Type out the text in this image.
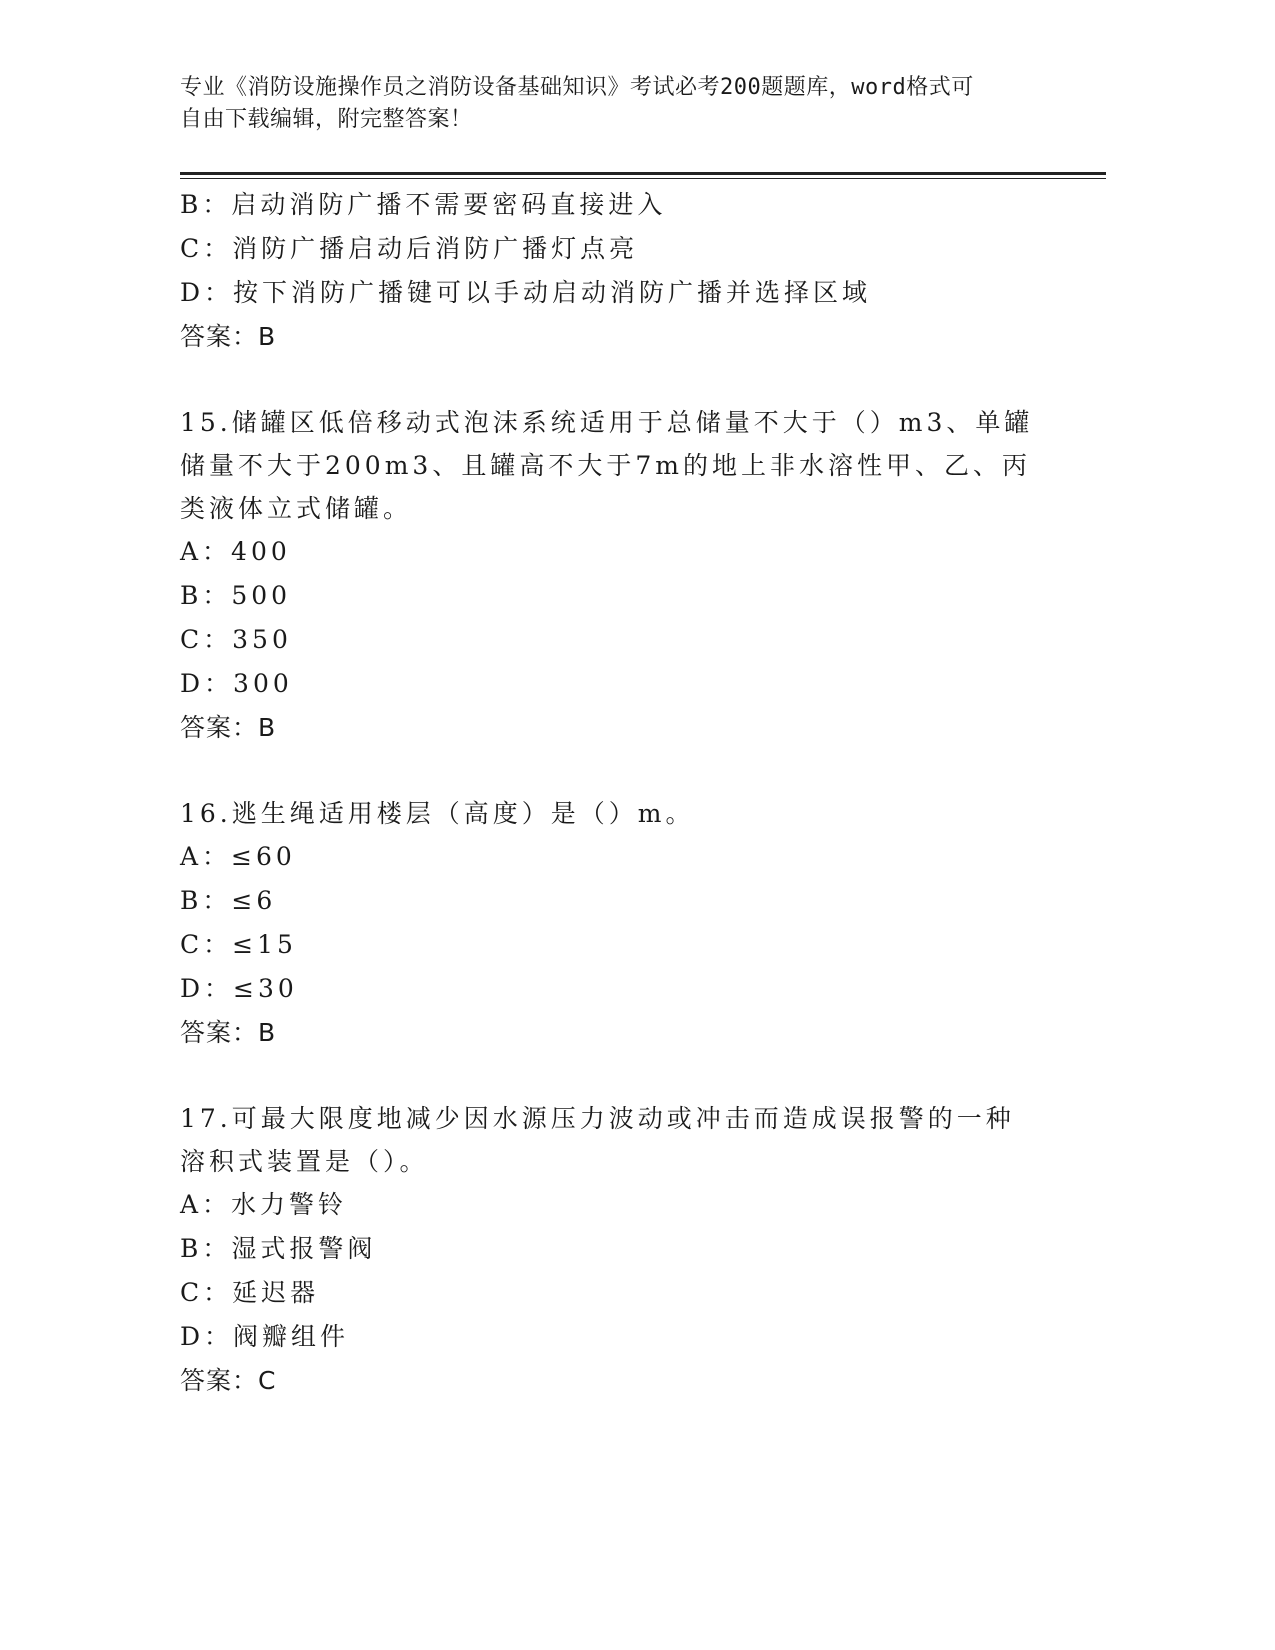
专业《消防设施操作员之消防设备基础知识》考试必考200题题库，word格式可
自由下载编辑，附完整答案！
B：启动消防广播不需要密码直接进入
C：消防广播启动后消防广播灯点亮
D：按下消防广播键可以手动启动消防广播并选择区域
答案：B
15.储罐区低倍移动式泡沫系统适用于总储量不大于（）m3、单罐储量不大于200m3、且罐高不大于7m的地上非水溶性甲、乙、丙类液体立式储罐。
A：400
B：500
C：350
D：300
答案：B
16.逃生绳适用楼层（高度）是（）m。
A：≤60
B：≤6
C：≤15
D：≤30
答案：B
17.可最大限度地减少因水源压力波动或冲击而造成误报警的一种溶积式装置是（）。
A：水力警铃
B：湿式报警阀
C：延迟器
D：阀瓣组件
答案：C
